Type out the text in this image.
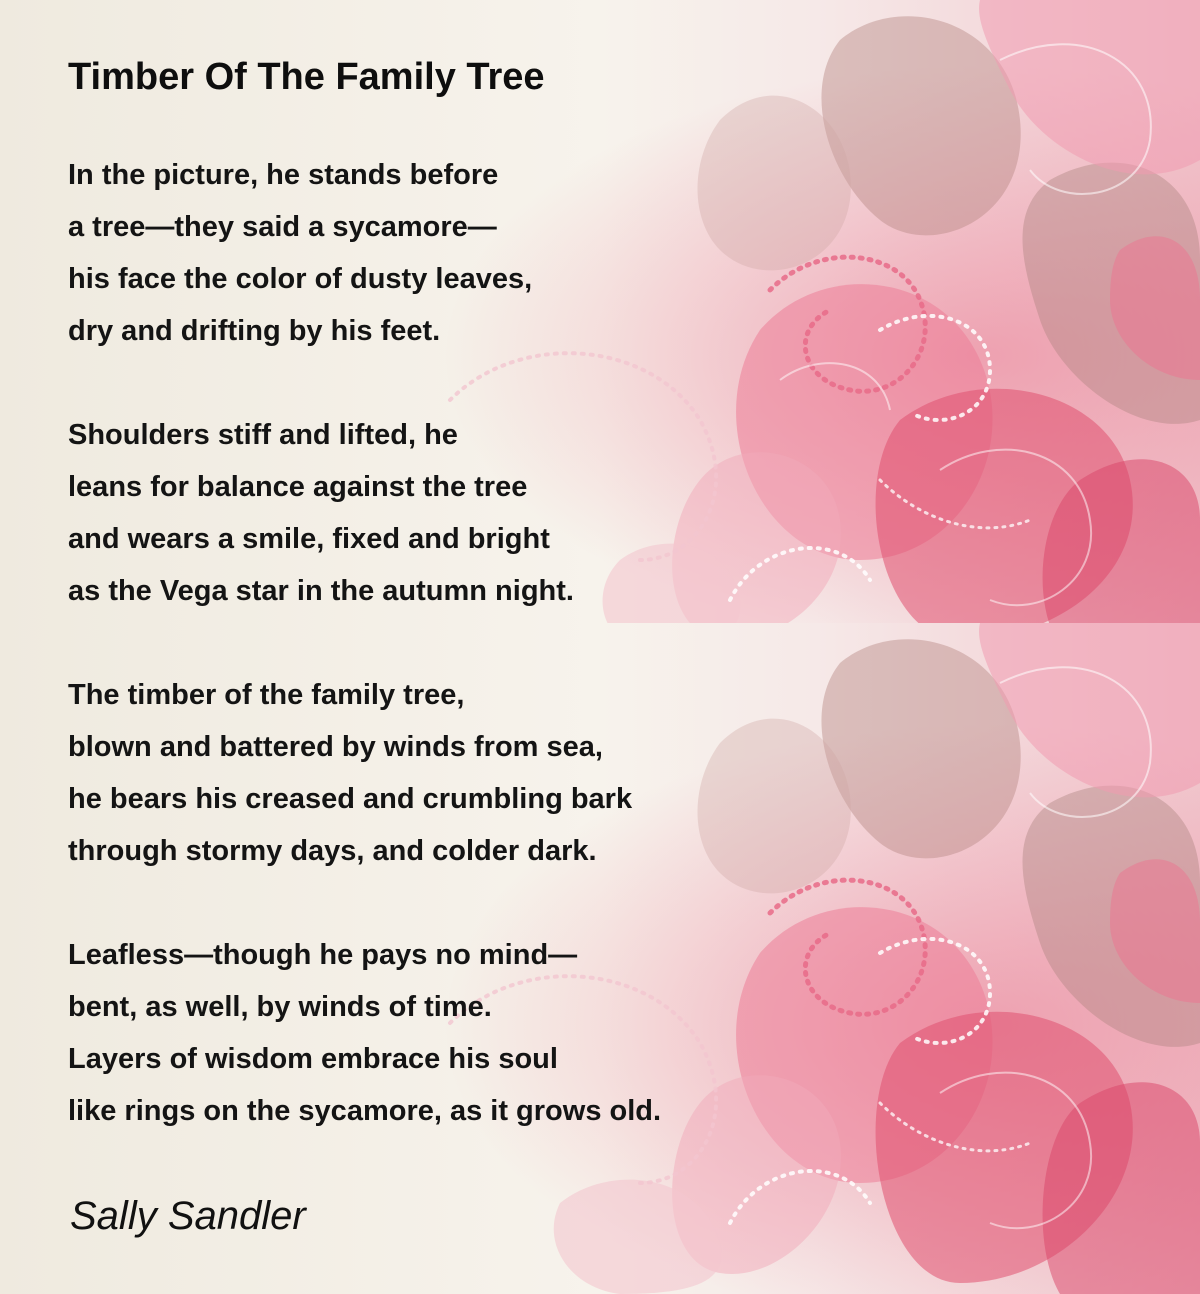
Timber Of The Family Tree
In the picture, he stands before
a tree—they said a sycamore—
his face the color of dusty leaves,
dry and drifting by his feet.
Shoulders stiff and lifted, he
leans for balance against the tree
and wears a smile, fixed and bright
as the Vega star in the autumn night.
The timber of the family tree,
blown and battered by winds from sea,
he bears his creased and crumbling bark
through stormy days, and colder dark.
Leafless—though he pays no mind—
bent, as well, by winds of time.
Layers of wisdom embrace his soul
like rings on the sycamore, as it grows old.

Sally Sandler
